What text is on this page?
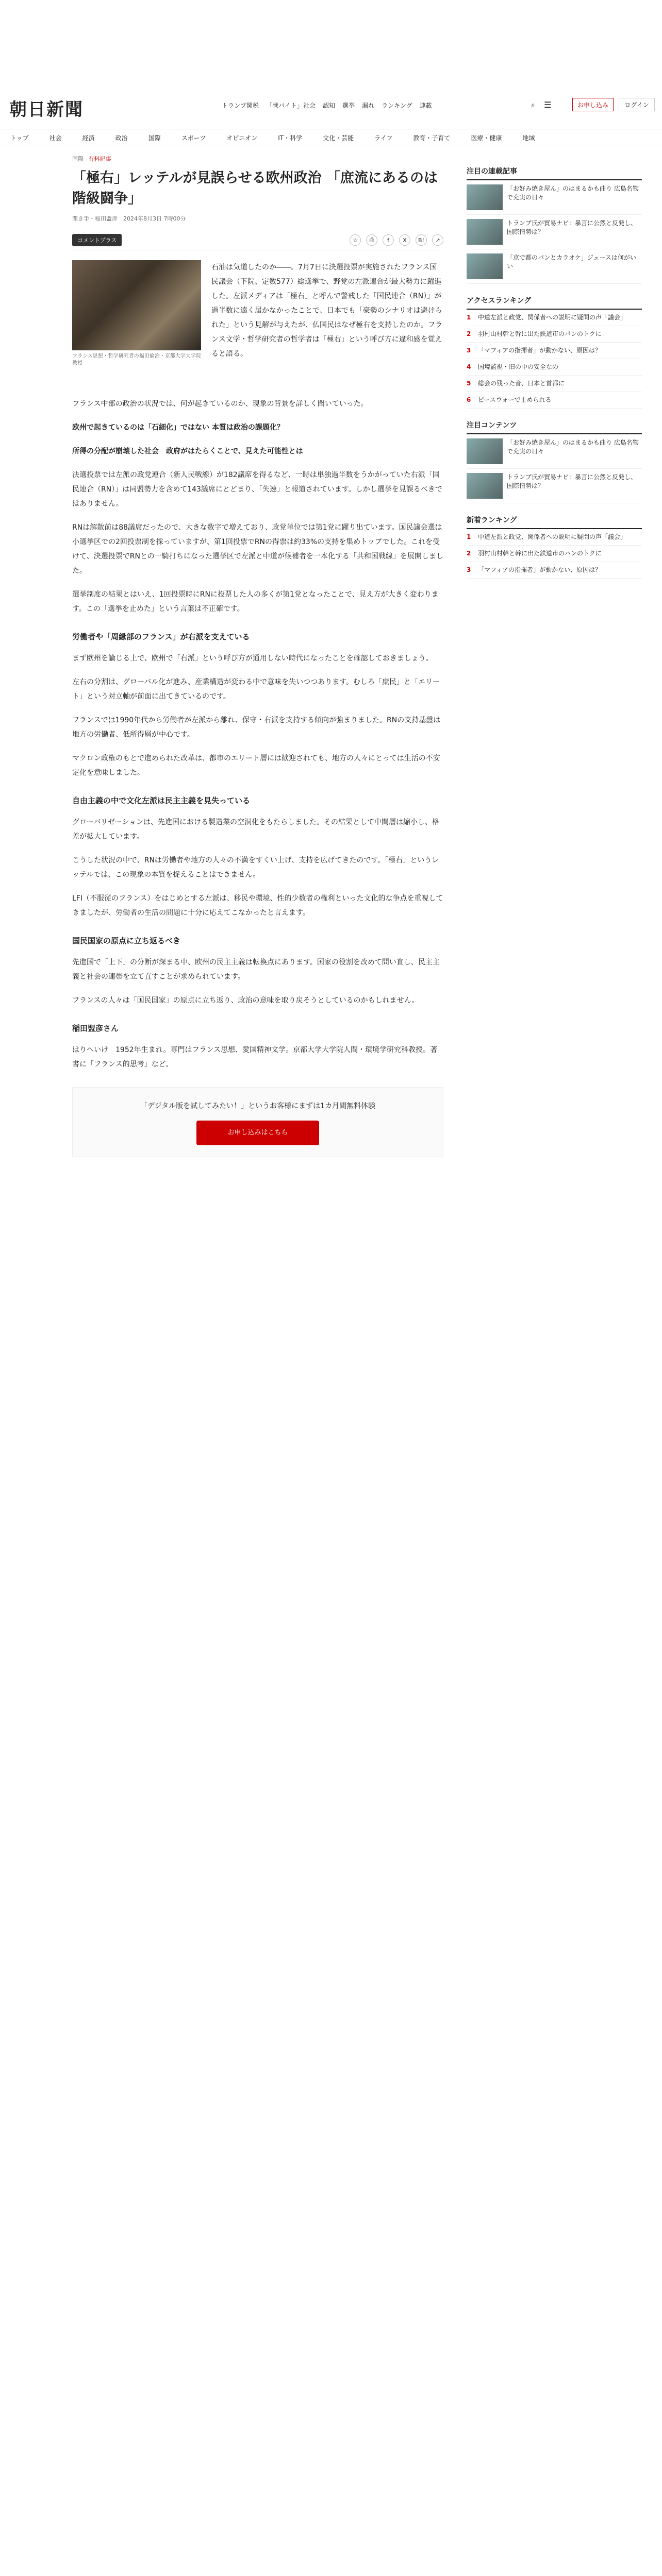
朝日新聞	トランプ関税 「戦バイト」社会 認知 選挙 漏れ ランキング 連載	⌕ ☰	お申し込み	ログイン
トップ	社会	経済	政治	国際	スポーツ	オピニオン	IT・科学	文化・芸能	ライフ	教育・子育て	医療・健康	地域
国際 有料記事
「極右」レッテルが見誤らせる欧州政治 「庶流にあるのは階級闘争」
聞き手・稲田盟彦　2024年8月3日 7時00分
コメントプラス	☆	⎙	f	X	B!	↗
フランス思想・哲学研究者の福田倫治・京都大学大学院教授

石油は気道したのか――。7月7日に決選投票が実施されたフランス国民議会（下院、定数577）総選挙で、野党の左派連合が最大勢力に躍進した。左派メディアは「極右」と呼んで警戒した「国民連合（RN）」が過半数に遠く届かなかったことで、日本でも「豪勢のシナリオは避けられた」という見解が与えたが、仏国民はなぜ極右を支持したのか。フランス文学・哲学研究者の哲学者は「極右」という呼び方に違和感を覚えると語る。

フランス中部の政治の状況では、何が起きているのか、現象の背景を詳しく聞いていった。

欧州で起きているのは「石細化」ではない 本質は政治の課題化？

所得の分配が崩壊した社会　政府がはたらくことで、見えた可能性とは

決選投票では左派の政党連合（新人民戦線）が182議席を得るなど、一時は単独過半数をうかがっていた右派「国民連合（RN）」は同盟勢力を含めて143議席にとどまり、「失速」と報道されています。しかし選挙を見誤るべきではありません。

RNは解散前は88議席だったので、大きな数字で増えており、政党単位では第1党に躍り出ています。国民議会選は小選挙区での2回投票制を採っていますが、第1回投票でRNの得票は約33%の支持を集めトップでした。これを受けて、決選投票でRNとの一騎打ちになった選挙区で左派と中道が候補者を一本化する「共和国戦線」を展開しました。

選挙制度の結果とはいえ、1回投票時にRNに投票した人の多くが第1党となったことで、見え方が大きく変わります。この「選挙を止めた」という言葉は不正確です。

労働者や「周縁部のフランス」が右派を支えている

まず欧州を論じる上で、欧州で「右派」という呼び方が通用しない時代になったことを確認しておきましょう。

左右の分割は、グローバル化が進み、産業構造が変わる中で意味を失いつつあります。むしろ「庶民」と「エリート」という対立軸が前面に出てきているのです。

フランスでは1990年代から労働者が左派から離れ、保守・右派を支持する傾向が強まりました。RNの支持基盤は地方の労働者、低所得層が中心です。

マクロン政権のもとで進められた改革は、都市のエリート層には歓迎されても、地方の人々にとっては生活の不安定化を意味しました。

自由主義の中で文化左派は民主主義を見失っている

グローバリゼーションは、先進国における製造業の空洞化をもたらしました。その結果として中間層は縮小し、格差が拡大しています。

こうした状況の中で、RNは労働者や地方の人々の不満をすくい上げ、支持を広げてきたのです。「極右」というレッテルでは、この現象の本質を捉えることはできません。

LFI（不服従のフランス）をはじめとする左派は、移民や環境、性的少数者の権利といった文化的な争点を重視してきましたが、労働者の生活の問題に十分に応えてこなかったと言えます。

国民国家の原点に立ち返るべき

先進国で「上下」の分断が深まる中、欧州の民主主義は転換点にあります。国家の役割を改めて問い直し、民主主義と社会の連帯を立て直すことが求められています。

フランスの人々は「国民国家」の原点に立ち返り、政治の意味を取り戻そうとしているのかもしれません。

稲田盟彦さん

はりへいけ　1952年生まれ。専門はフランス思想、愛国精神文学。京都大学大学院人間・環境学研究科教授。著書に「フランス的思考」など。

「デジタル版を試してみたい！」というお客様にまずは1カ月間無料体験
お申し込みはこちら
注目の連載記事
「お好み焼き屋ん」のはまるかも曲り 広島名物で充実の日々
トランプ氏が貿易ナビ：暴言に公然と反発し、国際情勢は？
「京で都のパンとカラオケ」ジュースは何がいい
アクセスランキング
1	中道左派と政党、関係者への説明に疑問の声「議会」
2	羽村山村幹と幹に出た鉄道市のパンのトクに
3	「マフィアの指揮者」が動かない、原因は？
4	国境監視・旧の中の安全なの
5	総会の残った音、日本と首都に
6	ピースウォーで止められる
注目コンテンツ
「お好み焼き屋ん」のはまるかも曲り 広島名物で充実の日々
トランプ氏が貿易ナビ：暴言に公然と反発し、国際情勢は？
新着ランキング
1	中道左派と政党、関係者への説明に疑問の声「議会」
2	羽村山村幹と幹に出た鉄道市のパンのトクに
3	「マフィアの指揮者」が動かない、原因は？
